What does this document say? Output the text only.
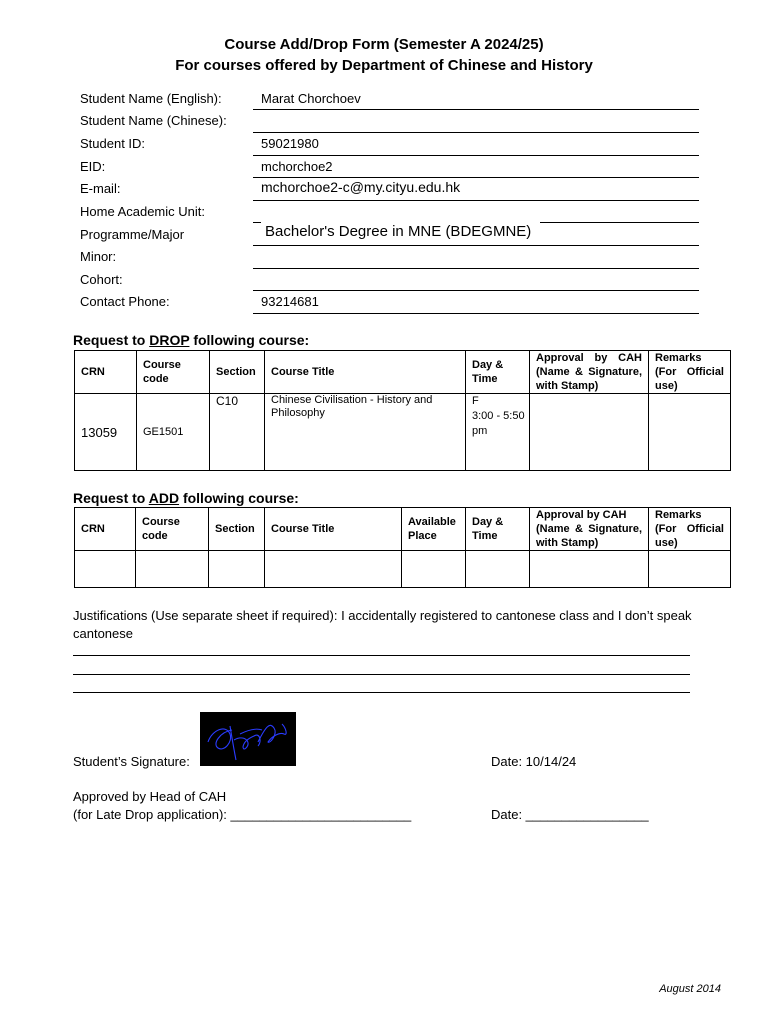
Course Add/Drop Form (Semester A 2024/25)
For courses offered by Department of Chinese and History
Student Name (English):	Marat Chorchoev
Student Name (Chinese):
Student ID:	59021980
EID:	mchorchoe2
E-mail:	mchorchoe2-c@my.cityu.edu.hk
Home Academic Unit:
Programme/Major	Bachelor's Degree in MNE (BDEGMNE)
Minor:
Cohort:
Contact Phone:	93214681
Request to DROP following course:
CRN	Course code	Section	Course Title	Day & Time	Approval by CAH
(Name & Signature,
with Stamp)	Remarks
(For Official
use)

13059	GE1501	C10	Chinese Civilisation - History and Philosophy	F
3:00 - 5:50 pm		

Request to ADD following course:
CRN	Course code	Section	Course Title	Available Place	Day & Time	Approval by CAH
(Name & Signature,
with Stamp)	Remarks
(For Official
use)

Justifications (Use separate sheet if required): I accidentally registered to cantonese class and I don’t speak cantonese
Student’s Signature:	Date: 10/14/24
Approved by Head of CAH
(for Late Drop application): _________________________	Date: _________________
August 2014
